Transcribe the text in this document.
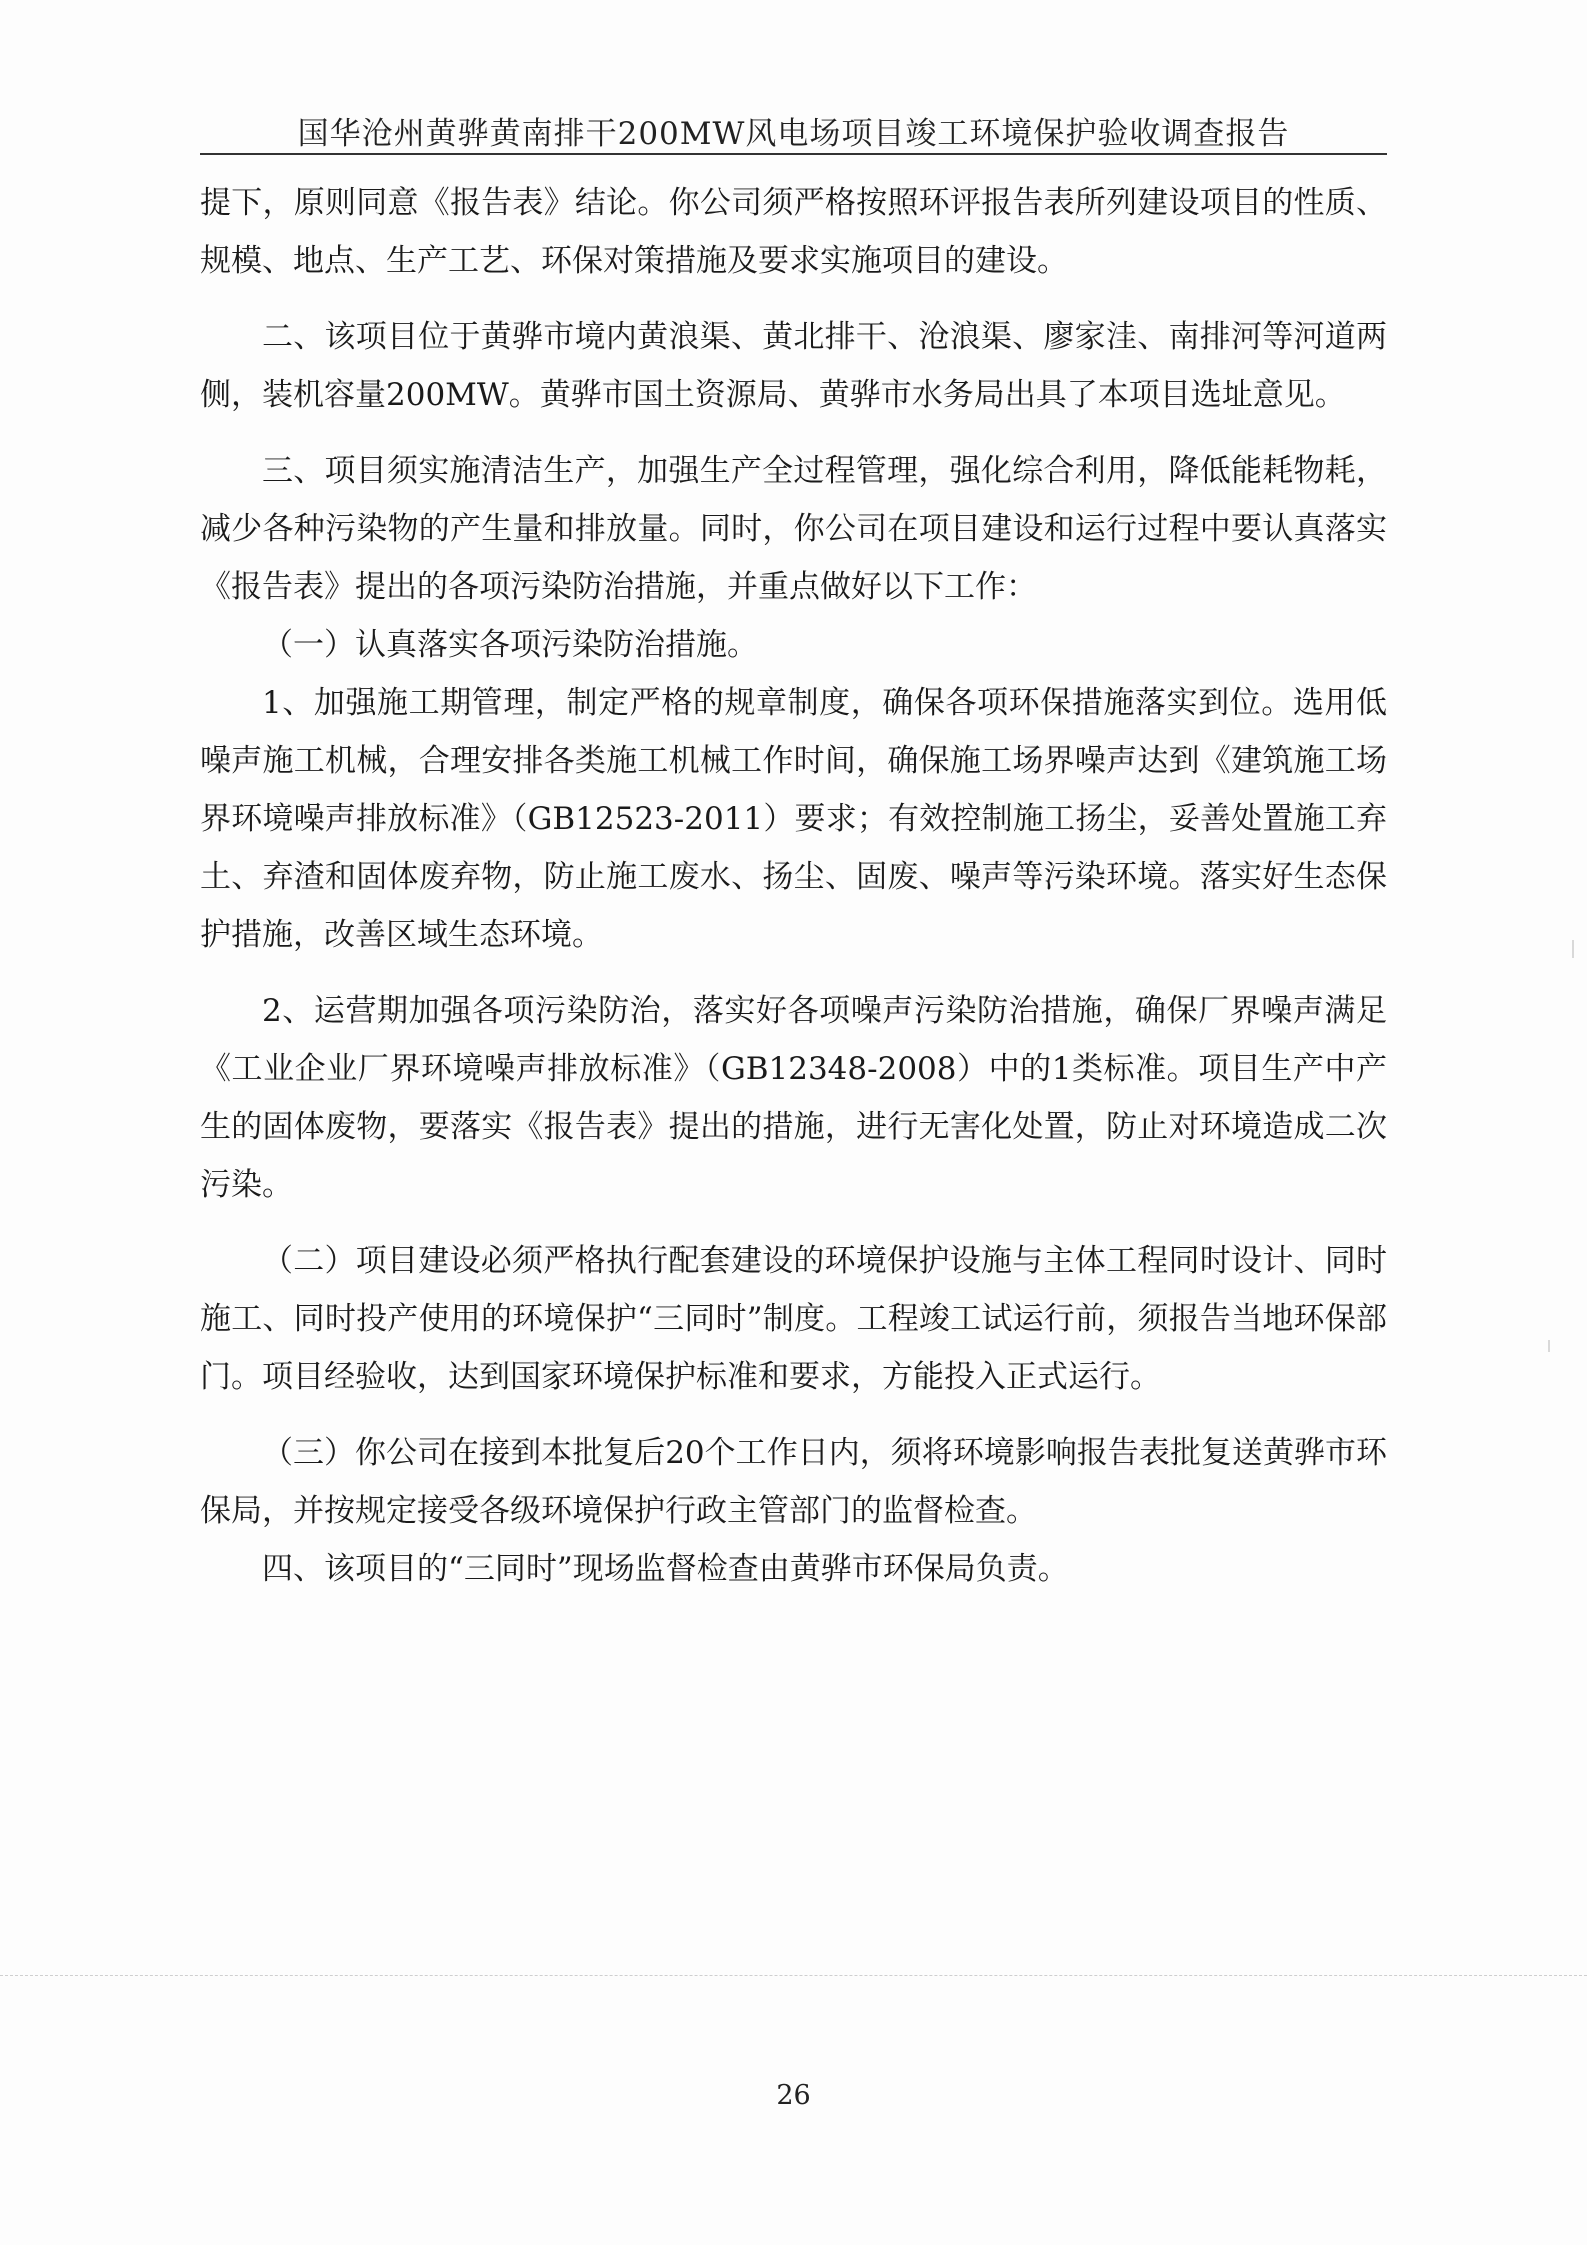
国华沧州黄骅黄南排干200MW风电场项目竣工环境保护验收调查报告

提下，原则同意《报告表》结论。你公司须严格按照环评报告表所列建设项目的性质、规模、地点、生产工艺、环保对策措施及要求实施项目的建设。

二、该项目位于黄骅市境内黄浪渠、黄北排干、沧浪渠、廖家洼、南排河等河道两侧，装机容量200MW。黄骅市国土资源局、黄骅市水务局出具了本项目选址意见。

三、项目须实施清洁生产，加强生产全过程管理，强化综合利用，降低能耗物耗，减少各种污染物的产生量和排放量。同时，你公司在项目建设和运行过程中要认真落实《报告表》提出的各项污染防治措施，并重点做好以下工作：

（一）认真落实各项污染防治措施。

1、加强施工期管理，制定严格的规章制度，确保各项环保措施落实到位。选用低噪声施工机械，合理安排各类施工机械工作时间，确保施工场界噪声达到《建筑施工场界环境噪声排放标准》（GB12523-2011）要求；有效控制施工扬尘，妥善处置施工弃土、弃渣和固体废弃物，防止施工废水、扬尘、固废、噪声等污染环境。落实好生态保护措施，改善区域生态环境。

2、运营期加强各项污染防治，落实好各项噪声污染防治措施，确保厂界噪声满足《工业企业厂界环境噪声排放标准》（GB12348-2008）中的1类标准。项目生产中产生的固体废物，要落实《报告表》提出的措施，进行无害化处置，防止对环境造成二次污染。

（二）项目建设必须严格执行配套建设的环境保护设施与主体工程同时设计、同时施工、同时投产使用的环境保护“三同时”制度。工程竣工试运行前，须报告当地环保部门。项目经验收，达到国家环境保护标准和要求，方能投入正式运行。

（三）你公司在接到本批复后20个工作日内，须将环境影响报告表批复送黄骅市环保局，并按规定接受各级环境保护行政主管部门的监督检查。

四、该项目的“三同时”现场监督检查由黄骅市环保局负责。

26
